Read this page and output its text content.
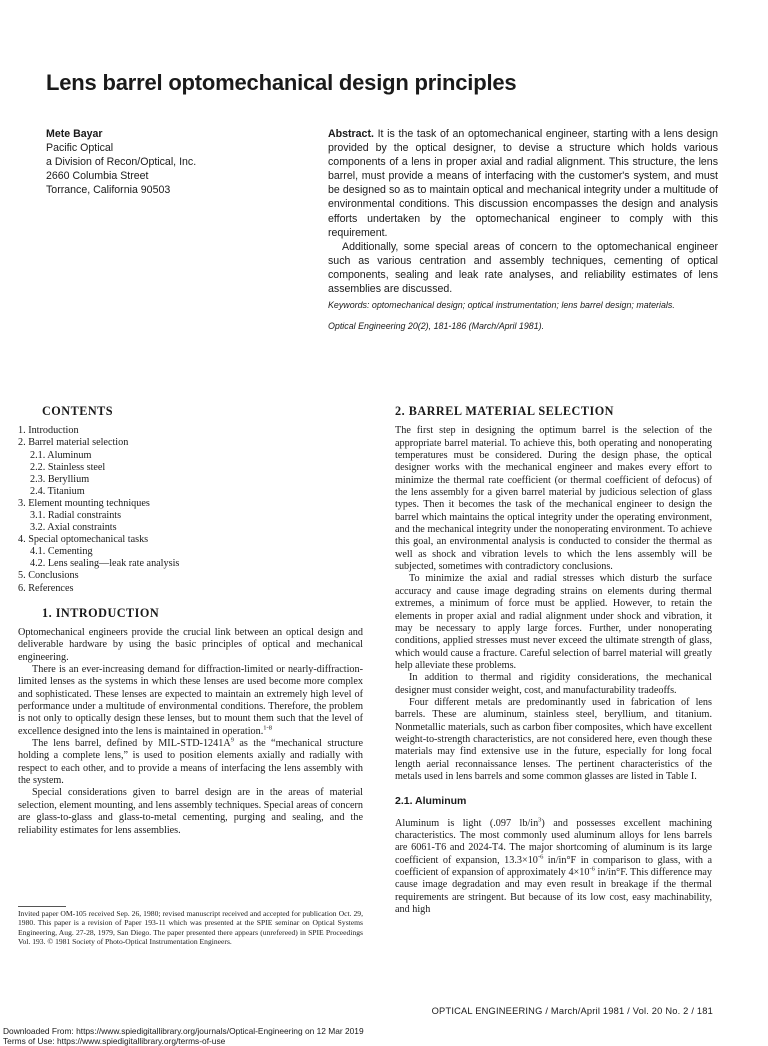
Lens barrel optomechanical design principles
Mete Bayar
Pacific Optical
a Division of Recon/Optical, Inc.
2660 Columbia Street
Torrance, California 90503

Abstract. It is the task of an optomechanical engineer, starting with a lens design provided by the optical designer, to devise a structure which holds various components of a lens in proper axial and radial alignment. This structure, the lens barrel, must provide a means of interfacing with the customer's system, and must be designed so as to maintain optical and mechanical integrity under a multitude of environmental conditions. This discussion encompasses the design and analysis efforts undertaken by the optomechanical engineer to comply with this requirement.

Additionally, some special areas of concern to the optomechanical engineer such as various centration and assembly techniques, cementing of optical components, sealing and leak rate analyses, and reliability estimates of lens assemblies are discussed.

Keywords: optomechanical design; optical instrumentation; lens barrel design; materials.
Optical Engineering 20(2), 181-186 (March/April 1981).
CONTENTS
1. Introduction
2. Barrel material selection
2.1. Aluminum
2.2. Stainless steel
2.3. Beryllium
2.4. Titanium
3. Element mounting techniques
3.1. Radial constraints
3.2. Axial constraints
4. Special optomechanical tasks
4.1. Cementing
4.2. Lens sealing—leak rate analysis
5. Conclusions
6. References
1. INTRODUCTION

Optomechanical engineers provide the crucial link between an optical design and deliverable hardware by using the basic principles of optical and mechanical engineering.

There is an ever-increasing demand for diffraction-limited or nearly-diffraction-limited lenses as the systems in which these lenses are used become more complex and sophisticated. These lenses are expected to maintain an extremely high level of performance under a multitude of environmental conditions. Therefore, the problem is not only to optically design these lenses, but to mount them such that the level of excellence designed into the lens is maintained in operation.$^{1-8}$

The lens barrel, defined by MIL-$STD-1241A^9$ as the “mechanical structure holding a complete lens,” is used to position elements axially and radially with respect to each other, and to provide a means of interfacing the lens assembly with the system.

Special considerations given to barrel design are in the areas of material selection, element mounting, and lens assembly techniques. Special areas of concern are glass-to-glass and glass-to-metal cementing, purging and sealing, and the reliability estimates for lens assemblies.

Invited paper OM-105 received Sep. 26, 1980; revised manuscript received and accepted for publication Oct. 29, 1980. This paper is a revision of Paper 193-11 which was presented at the SPIE seminar on Optical Systems Engineering, Aug. 27-28, 1979, San Diego. The paper presented there appears (unrefereed) in SPIE Proceedings Vol. 193. © 1981 Society of Photo-Optical Instrumentation Engineers.
2. BARREL MATERIAL SELECTION

The first step in designing the optimum barrel is the selection of the appropriate barrel material. To achieve this, both operating and nonoperating temperatures must be considered. During the design phase, the optical designer works with the mechanical engineer and makes every effort to minimize the thermal rate coefficient (or thermal coefficient of defocus) of the lens assembly for a given barrel material by judicious selection of glass types. Then it becomes the task of the mechanical engineer to design the barrel which maintains the optical integrity under the operating environment, and the mechanical integrity under the nonoperating environment. To achieve this goal, an environmental analysis is conducted to consider the thermal as well as shock and vibration levels to which the lens assembly will be subjected, sometimes with contradictory conclusions.

To minimize the axial and radial stresses which disturb the surface accuracy and cause image degrading strains on elements during thermal extremes, a minimum of force must be applied. However, to retain the elements in proper axial and radial alignment under shock and vibration, it may be necessary to apply large forces. Further, under nonoperating conditions, applied stresses must never exceed the ultimate strength of glass, which would cause a fracture. Careful selection of barrel material will greatly help alleviate these problems.

In addition to thermal and rigidity considerations, the mechanical designer must consider weight, cost, and manufacturability tradeoffs.

Four different metals are predominantly used in fabrication of lens barrels. These are aluminum, stainless steel, beryllium, and titanium. Nonmetallic materials, such as carbon fiber composites, which have excellent weight-to-strength characteristics, are not considered here, even though these materials may find extensive use in the future, especially for long focal length aerial reconnaissance lenses. The pertinent characteristics of the metals used in lens barrels and some common glasses are listed in Table I.

2.1. Aluminum

Aluminum is light (.097 $lb/in^3$) and possesses excellent machining characteristics. The most commonly used aluminum alloys for lens barrels are 6061-T6 and 2024-T4. The major shortcoming of aluminum is its large coefficient of expansion, $13.3\times 10^{-6}$ in/in°F in comparison to glass, with a coefficient of expansion of approximately $4\times 10^{-6}$ in/in°F. This difference may cause image degradation and may even result in breakage if the thermal requirements are stringent. But because of its low cost, easy machinability, and high

OPTICAL ENGINEERING / March/April 1981 / Vol. 20 No. 2 / 181
Downloaded From: https://www.spiedigitallibrary.org/journals/Optical-Engineering on 12 Mar 2019
Terms of Use: https://www.spiedigitallibrary.org/terms-of-use
